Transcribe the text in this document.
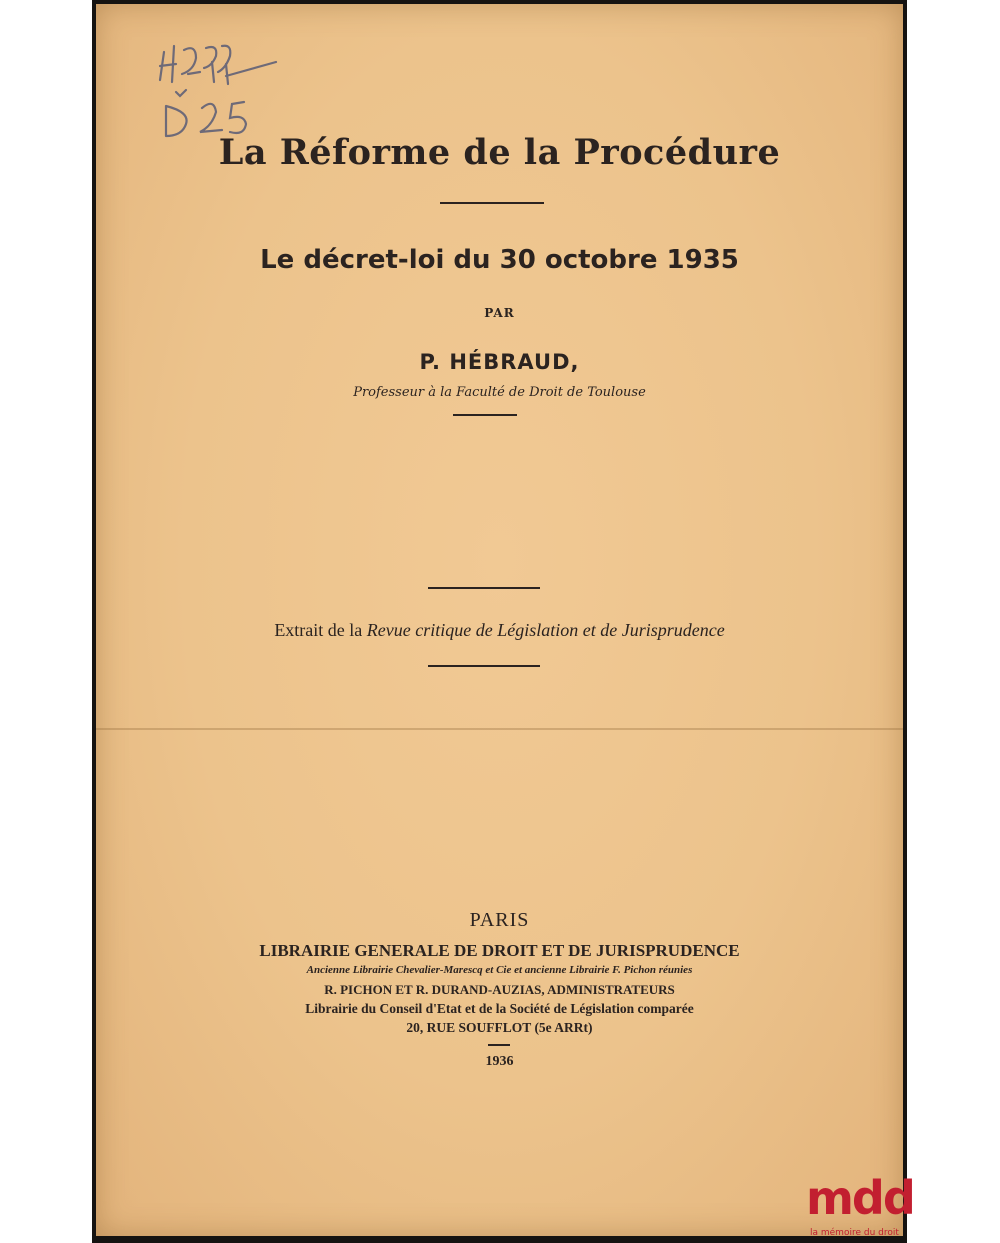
La Réforme de la Procédure
Le décret-loi du 30 octobre 1935
PAR
P. HÉBRAUD,
Professeur à la Faculté de Droit de Toulouse
Extrait de la Revue critique de Législation et de Jurisprudence
PARIS
LIBRAIRIE GENERALE DE DROIT ET DE JURISPRUDENCE
Ancienne Librairie Chevalier-Marescq et Cie et ancienne Librairie F. Pichon réunies
R. PICHON ET R. DURAND-AUZIAS, ADMINISTRATEURS
Librairie du Conseil d'Etat et de la Société de Législation comparée
20, RUE SOUFFLOT (5e ARRt)
1936
mdd
la mémoire du droit
